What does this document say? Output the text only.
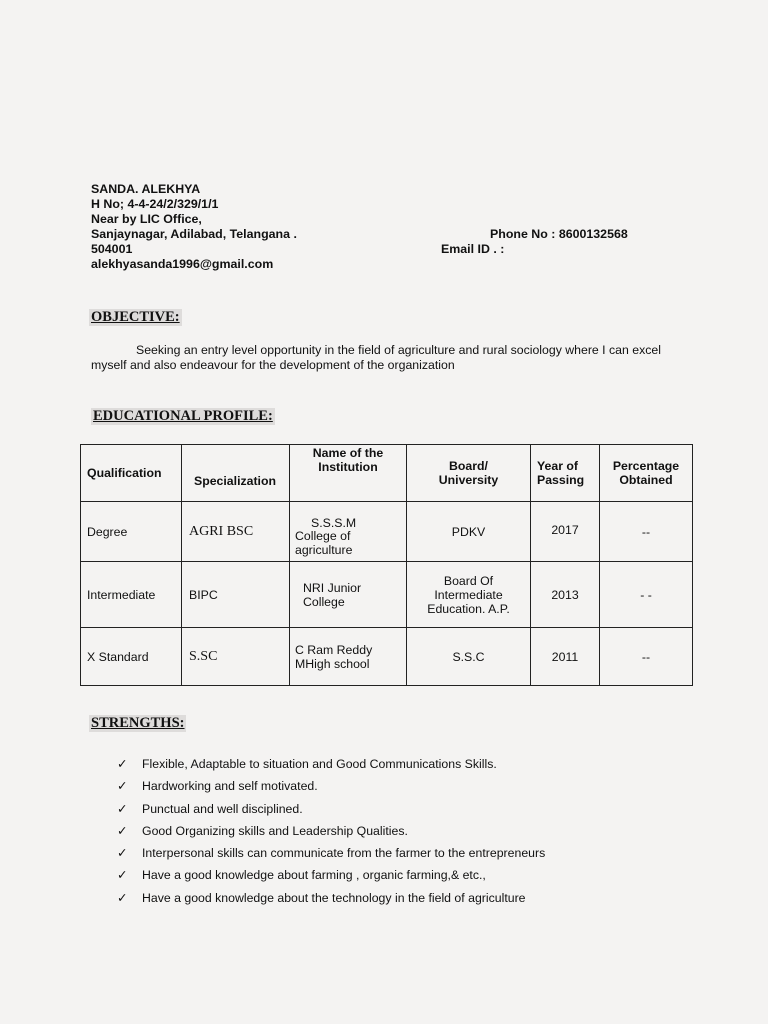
SANDA. ALEKHYA
H No; 4-4-24/2/329/1/1
Near by LIC Office,
Sanjaynagar, Adilabad, Telangana .
504001
alekhyasanda1996@gmail.com
Phone No : 8600132568
Email ID . :
OBJECTIVE:
Seeking an entry level opportunity in the field of agriculture and rural sociology where I can excel myself and also endeavour for the development of the organization
EDUCATIONAL PROFILE:
Qualification	Specialization	Name of the Institution	Board/ University	Year of Passing	Percentage Obtained
Degree	AGRI BSC	S.S.S.M
College of
agriculture	PDKV	2017	--
Intermediate	BIPC	NRI Junior College	Board Of Intermediate Education. A.P.	2013	- -
X Standard	S.SC	C Ram Reddy MHigh school	S.S.C	2011	--
STRENGTHS:
✓ Flexible, Adaptable to situation and Good Communications Skills.
✓ Hardworking and self motivated.
✓ Punctual and well disciplined.
✓ Good Organizing skills and Leadership Qualities.
✓ Interpersonal skills can communicate from the farmer to the entrepreneurs
✓ Have a good knowledge about farming , organic farming,& etc.,
✓ Have a good knowledge about the technology in the field of agriculture
